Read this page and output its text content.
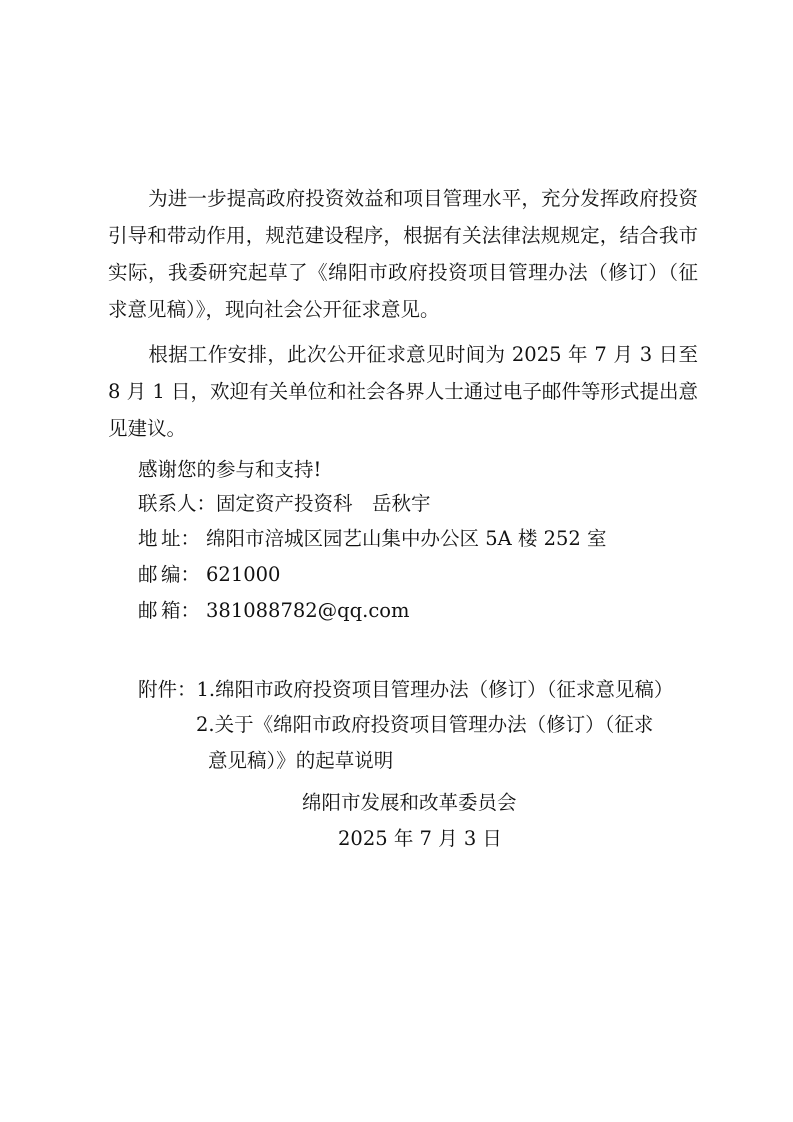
为进一步提高政府投资效益和项目管理水平，充分发挥政府投资引导和带动作用，规范建设程序，根据有关法律法规规定，结合我市实际，我委研究起草了《绵阳市政府投资项目管理办法（修订）（征求意见稿）》，现向社会公开征求意见。

根据工作安排，此次公开征求意见时间为 2025 年 7 月 3 日至 8 月 1 日，欢迎有关单位和社会各界人士通过电子邮件等形式提出意见建议。

感谢您的参与和支持!

联系人：固定资产投资科　岳秋宇

地 址： 绵阳市涪城区园艺山集中办公区 5A 楼 252 室

邮 编： 621000

邮 箱： 381088782@qq.com

附件：1.绵阳市政府投资项目管理办法（修订）（征求意见稿）

2.关于《绵阳市政府投资项目管理办法（修订）（征求

意见稿）》的起草说明

绵阳市发展和改革委员会

2025 年 7 月 3 日
